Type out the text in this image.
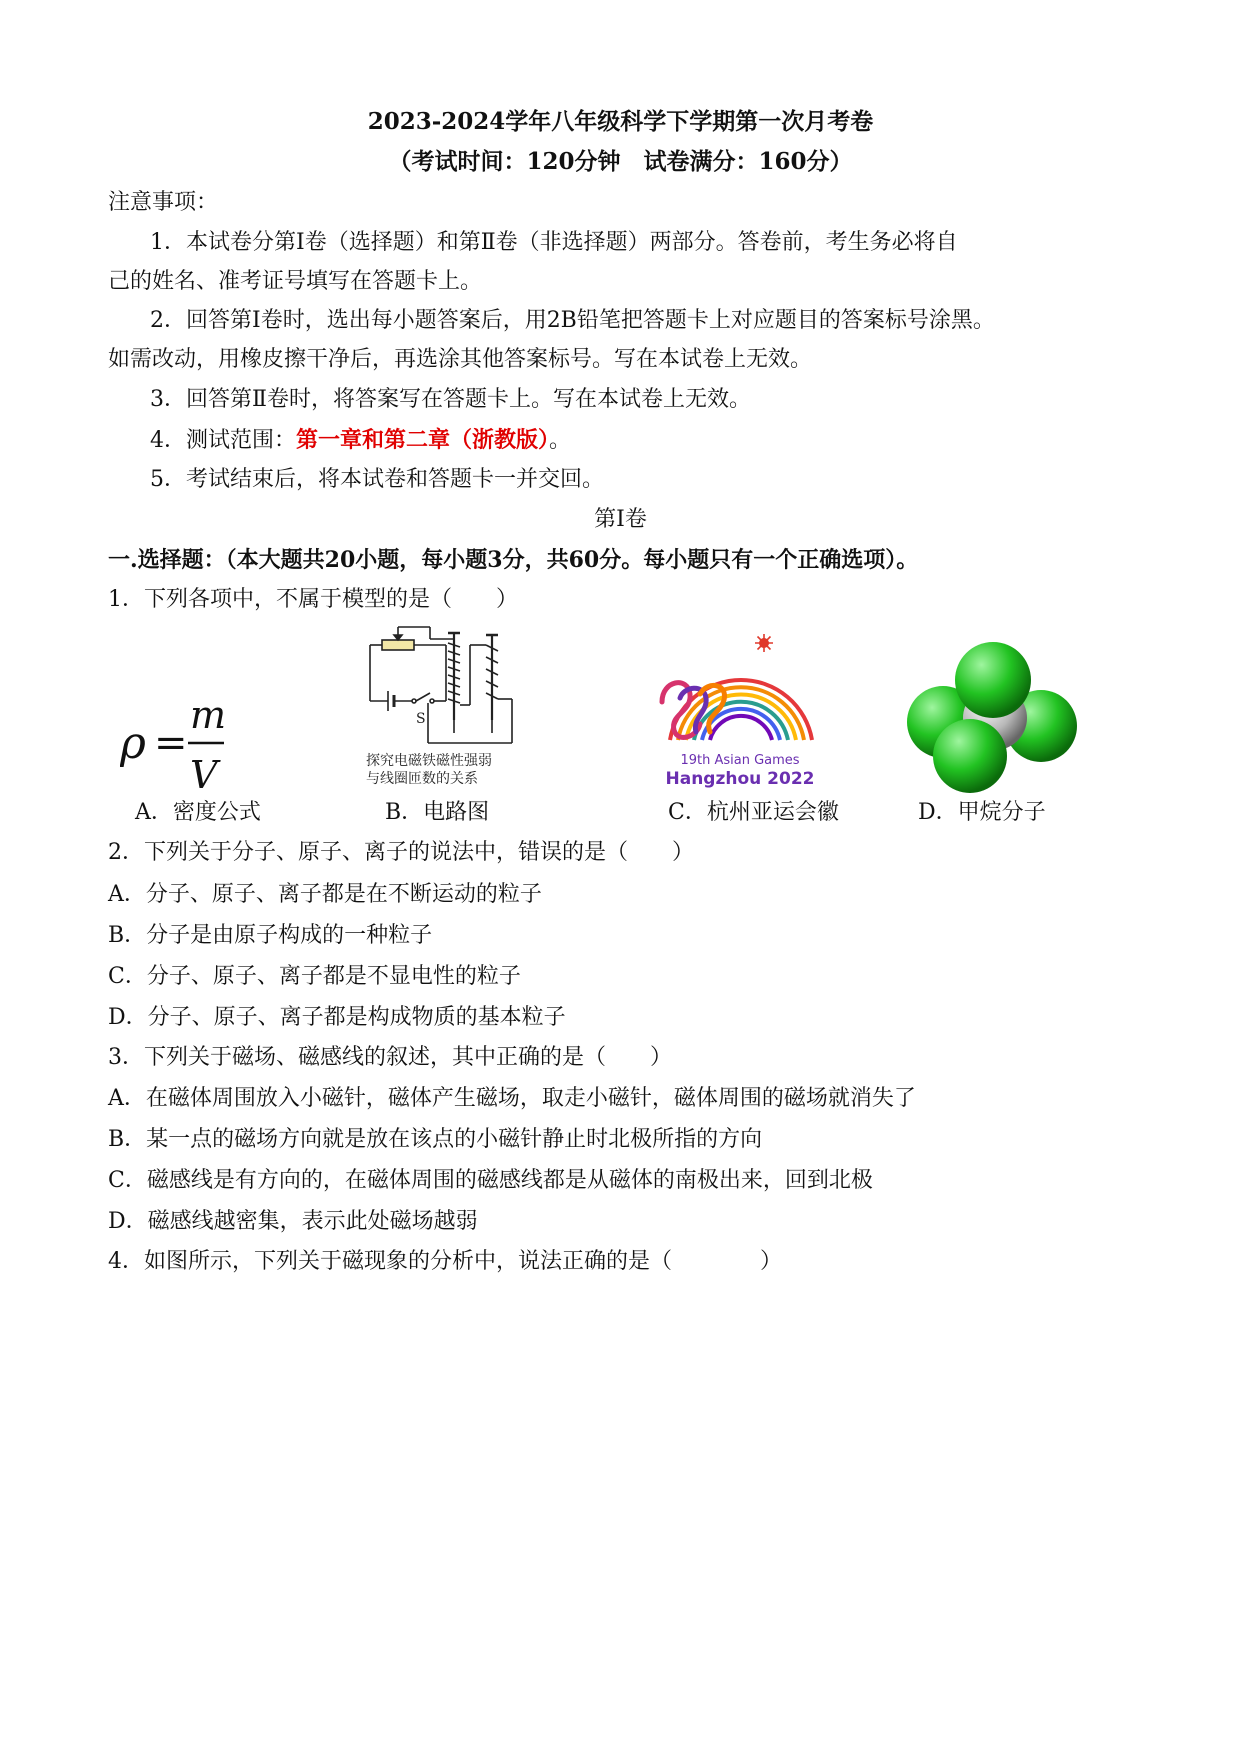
2023-2024学年八年级科学下学期第一次月考卷
（考试时间：120分钟　试卷满分：160分）
注意事项：
1．本试卷分第Ⅰ卷（选择题）和第Ⅱ卷（非选择题）两部分。答卷前，考生务必将自
己的姓名、准考证号填写在答题卡上。
2．回答第Ⅰ卷时，选出每小题答案后，用2B铅笔把答题卡上对应题目的答案标号涂黑。
如需改动，用橡皮擦干净后，再选涂其他答案标号。写在本试卷上无效。
3．回答第Ⅱ卷时，将答案写在答题卡上。写在本试卷上无效。
4．测试范围：第一章和第二章（浙教版）。
5．考试结束后，将本试卷和答题卡一并交回。
第Ⅰ卷
一.选择题：（本大题共20小题，每小题3分，共60分。每小题只有一个正确选项）。
1．下列各项中，不属于模型的是（　　）
ρ =
m
V
S
探究电磁铁磁性强弱
与线圈匝数的关系
19th Asian Games
Hangzhou 2022
A．密度公式	B．电路图	C．杭州亚运会徽	D．甲烷分子
2．下列关于分子、原子、离子的说法中，错误的是（　　）
A．分子、原子、离子都是在不断运动的粒子
B．分子是由原子构成的一种粒子
C．分子、原子、离子都是不显电性的粒子
D．分子、原子、离子都是构成物质的基本粒子
3．下列关于磁场、磁感线的叙述，其中正确的是（　　）
A．在磁体周围放入小磁针，磁体产生磁场，取走小磁针，磁体周围的磁场就消失了
B．某一点的磁场方向就是放在该点的小磁针静止时北极所指的方向
C．磁感线是有方向的，在磁体周围的磁感线都是从磁体的南极出来，回到北极
D．磁感线越密集，表示此处磁场越弱
4．如图所示，下列关于磁现象的分析中，说法正确的是（　　　　）
